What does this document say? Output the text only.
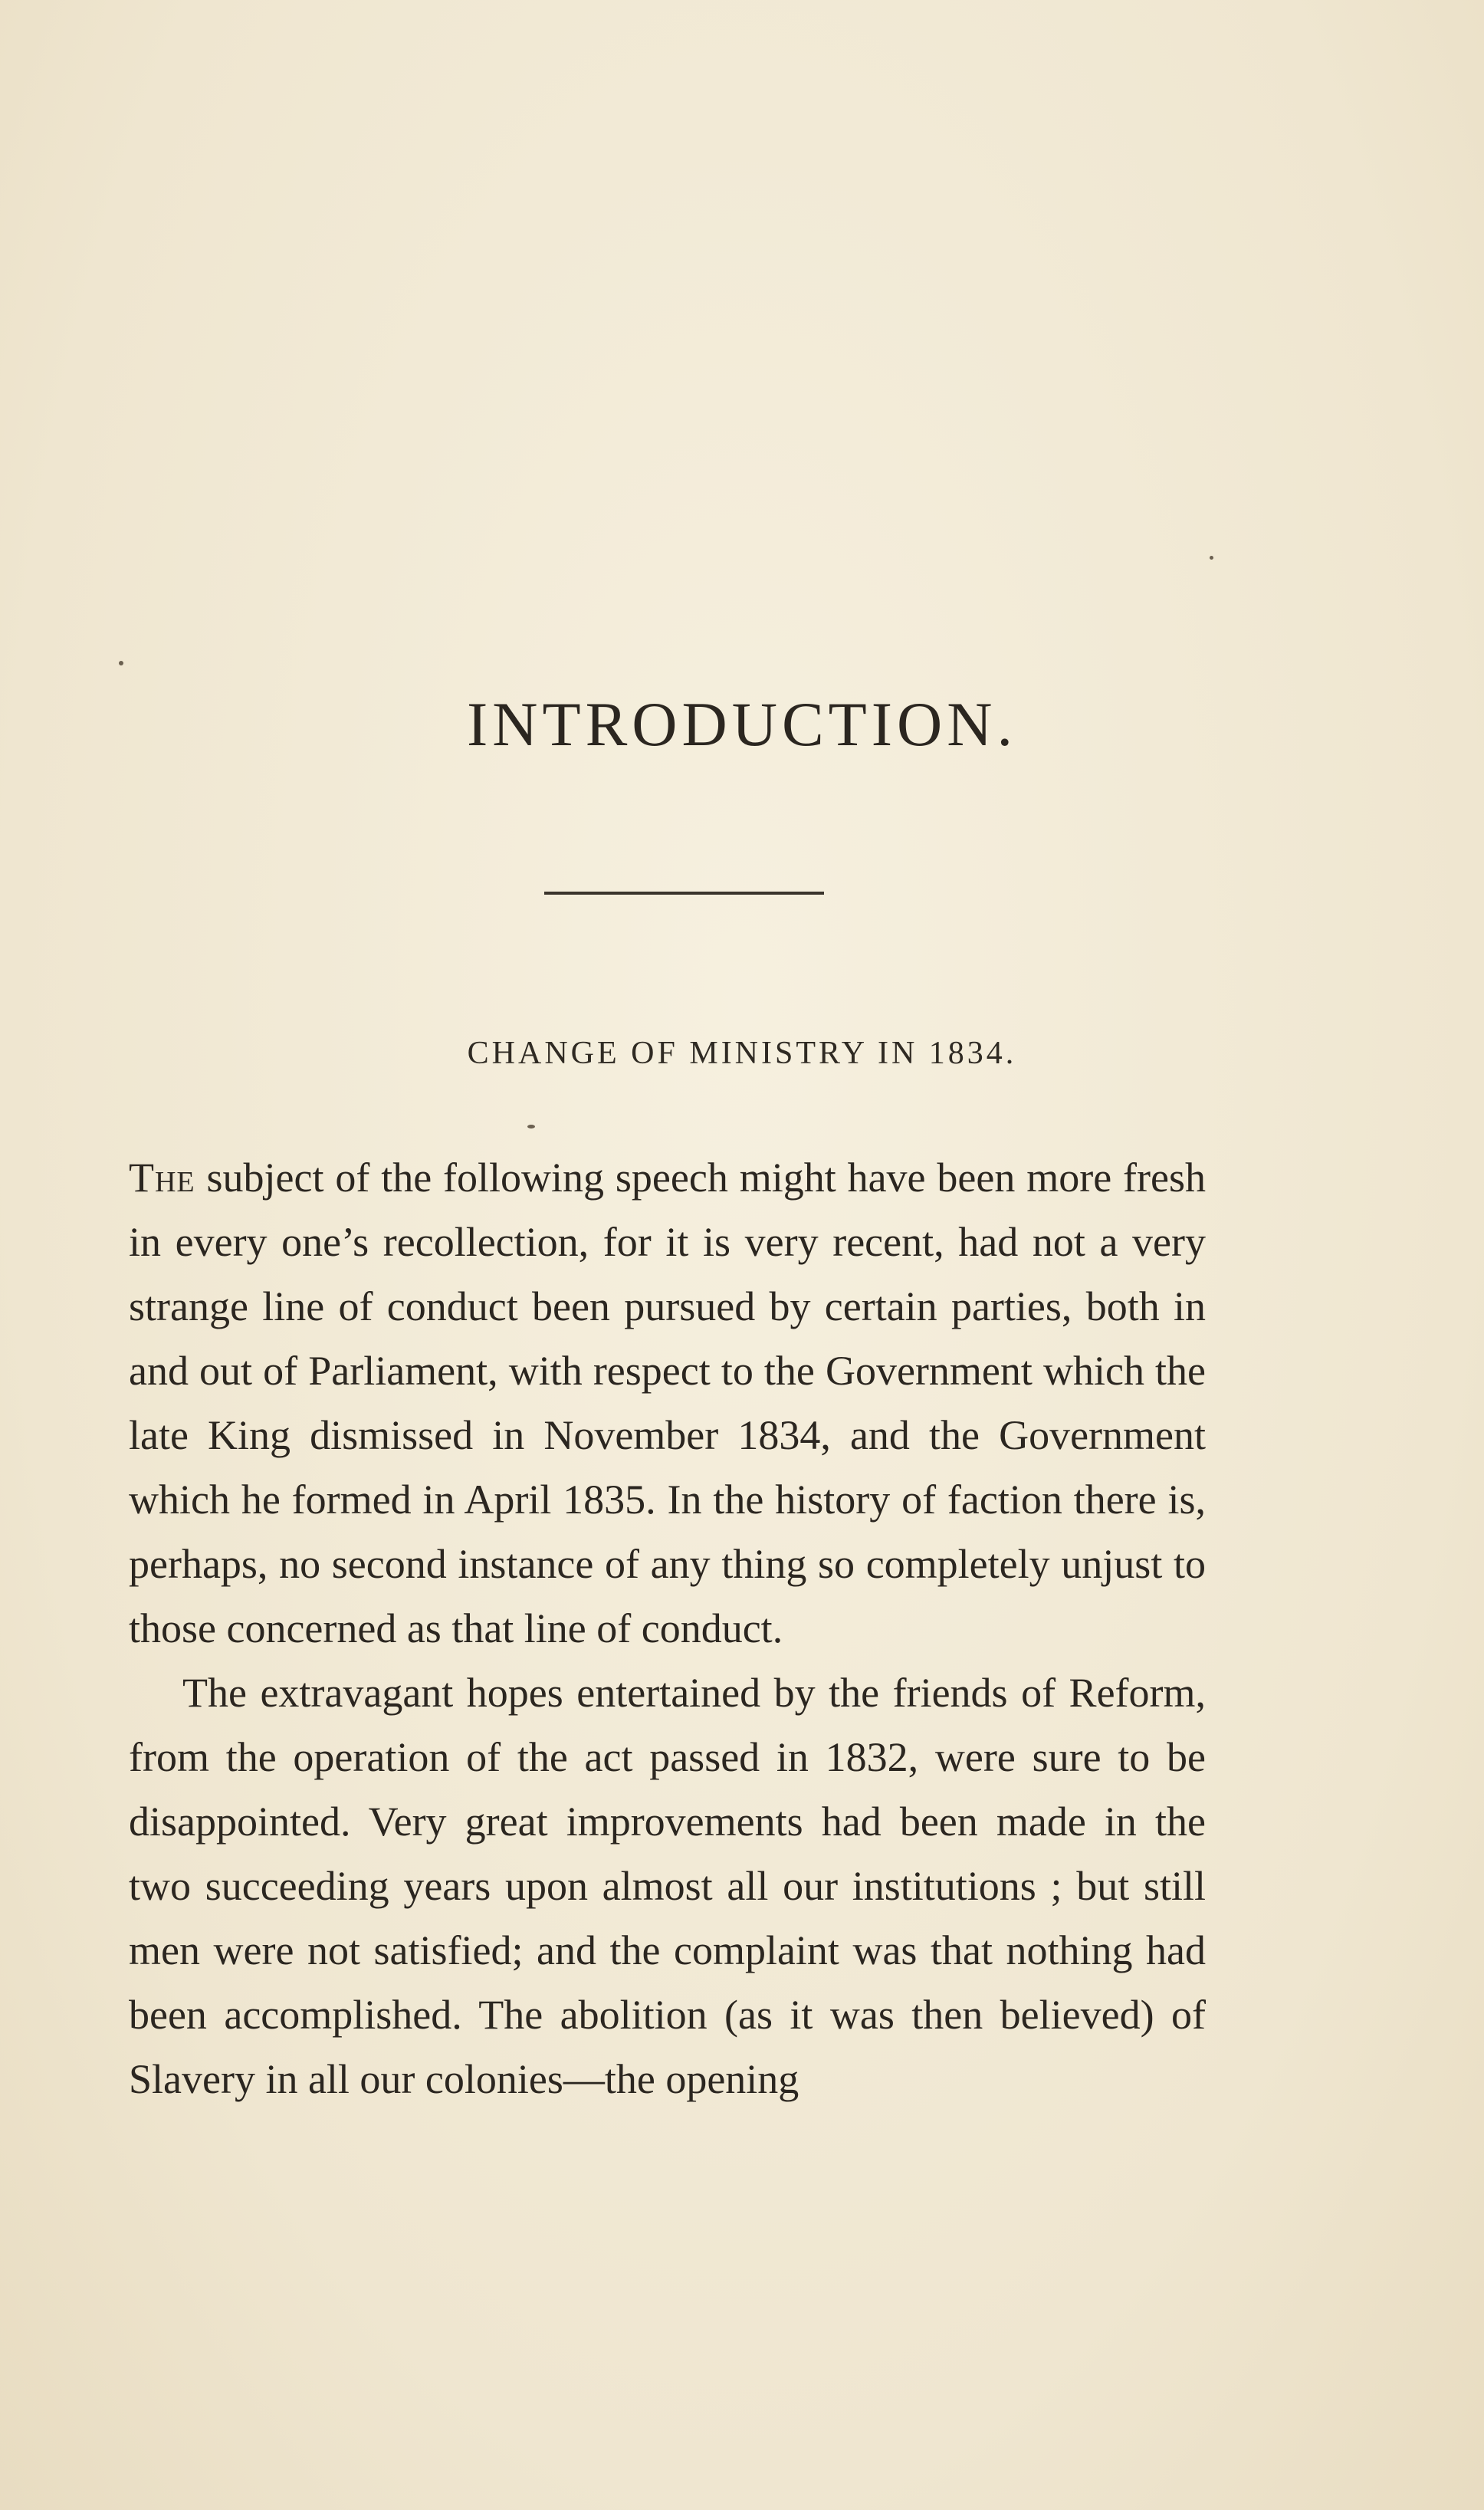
INTRODUCTION.
CHANGE OF MINISTRY IN 1834.

The subject of the following speech might have been more fresh in every one’s recollection, for it is very recent, had not a very strange line of conduct been pursued by certain parties, both in and out of Parliament, with respect to the Government which the late King dismissed in November 1834, and the Government which he formed in April 1835. In the history of faction there is, perhaps, no second instance of any thing so completely unjust to those concerned as that line of conduct.

The extravagant hopes entertained by the friends of Reform, from the operation of the act passed in 1832, were sure to be disappointed. Very great improvements had been made in the two succeeding years upon almost all our institutions ; but still men were not satisfied; and the complaint was that nothing had been accomplished. The abolition (as it was then believed) of Slavery in all our colonies—the opening
